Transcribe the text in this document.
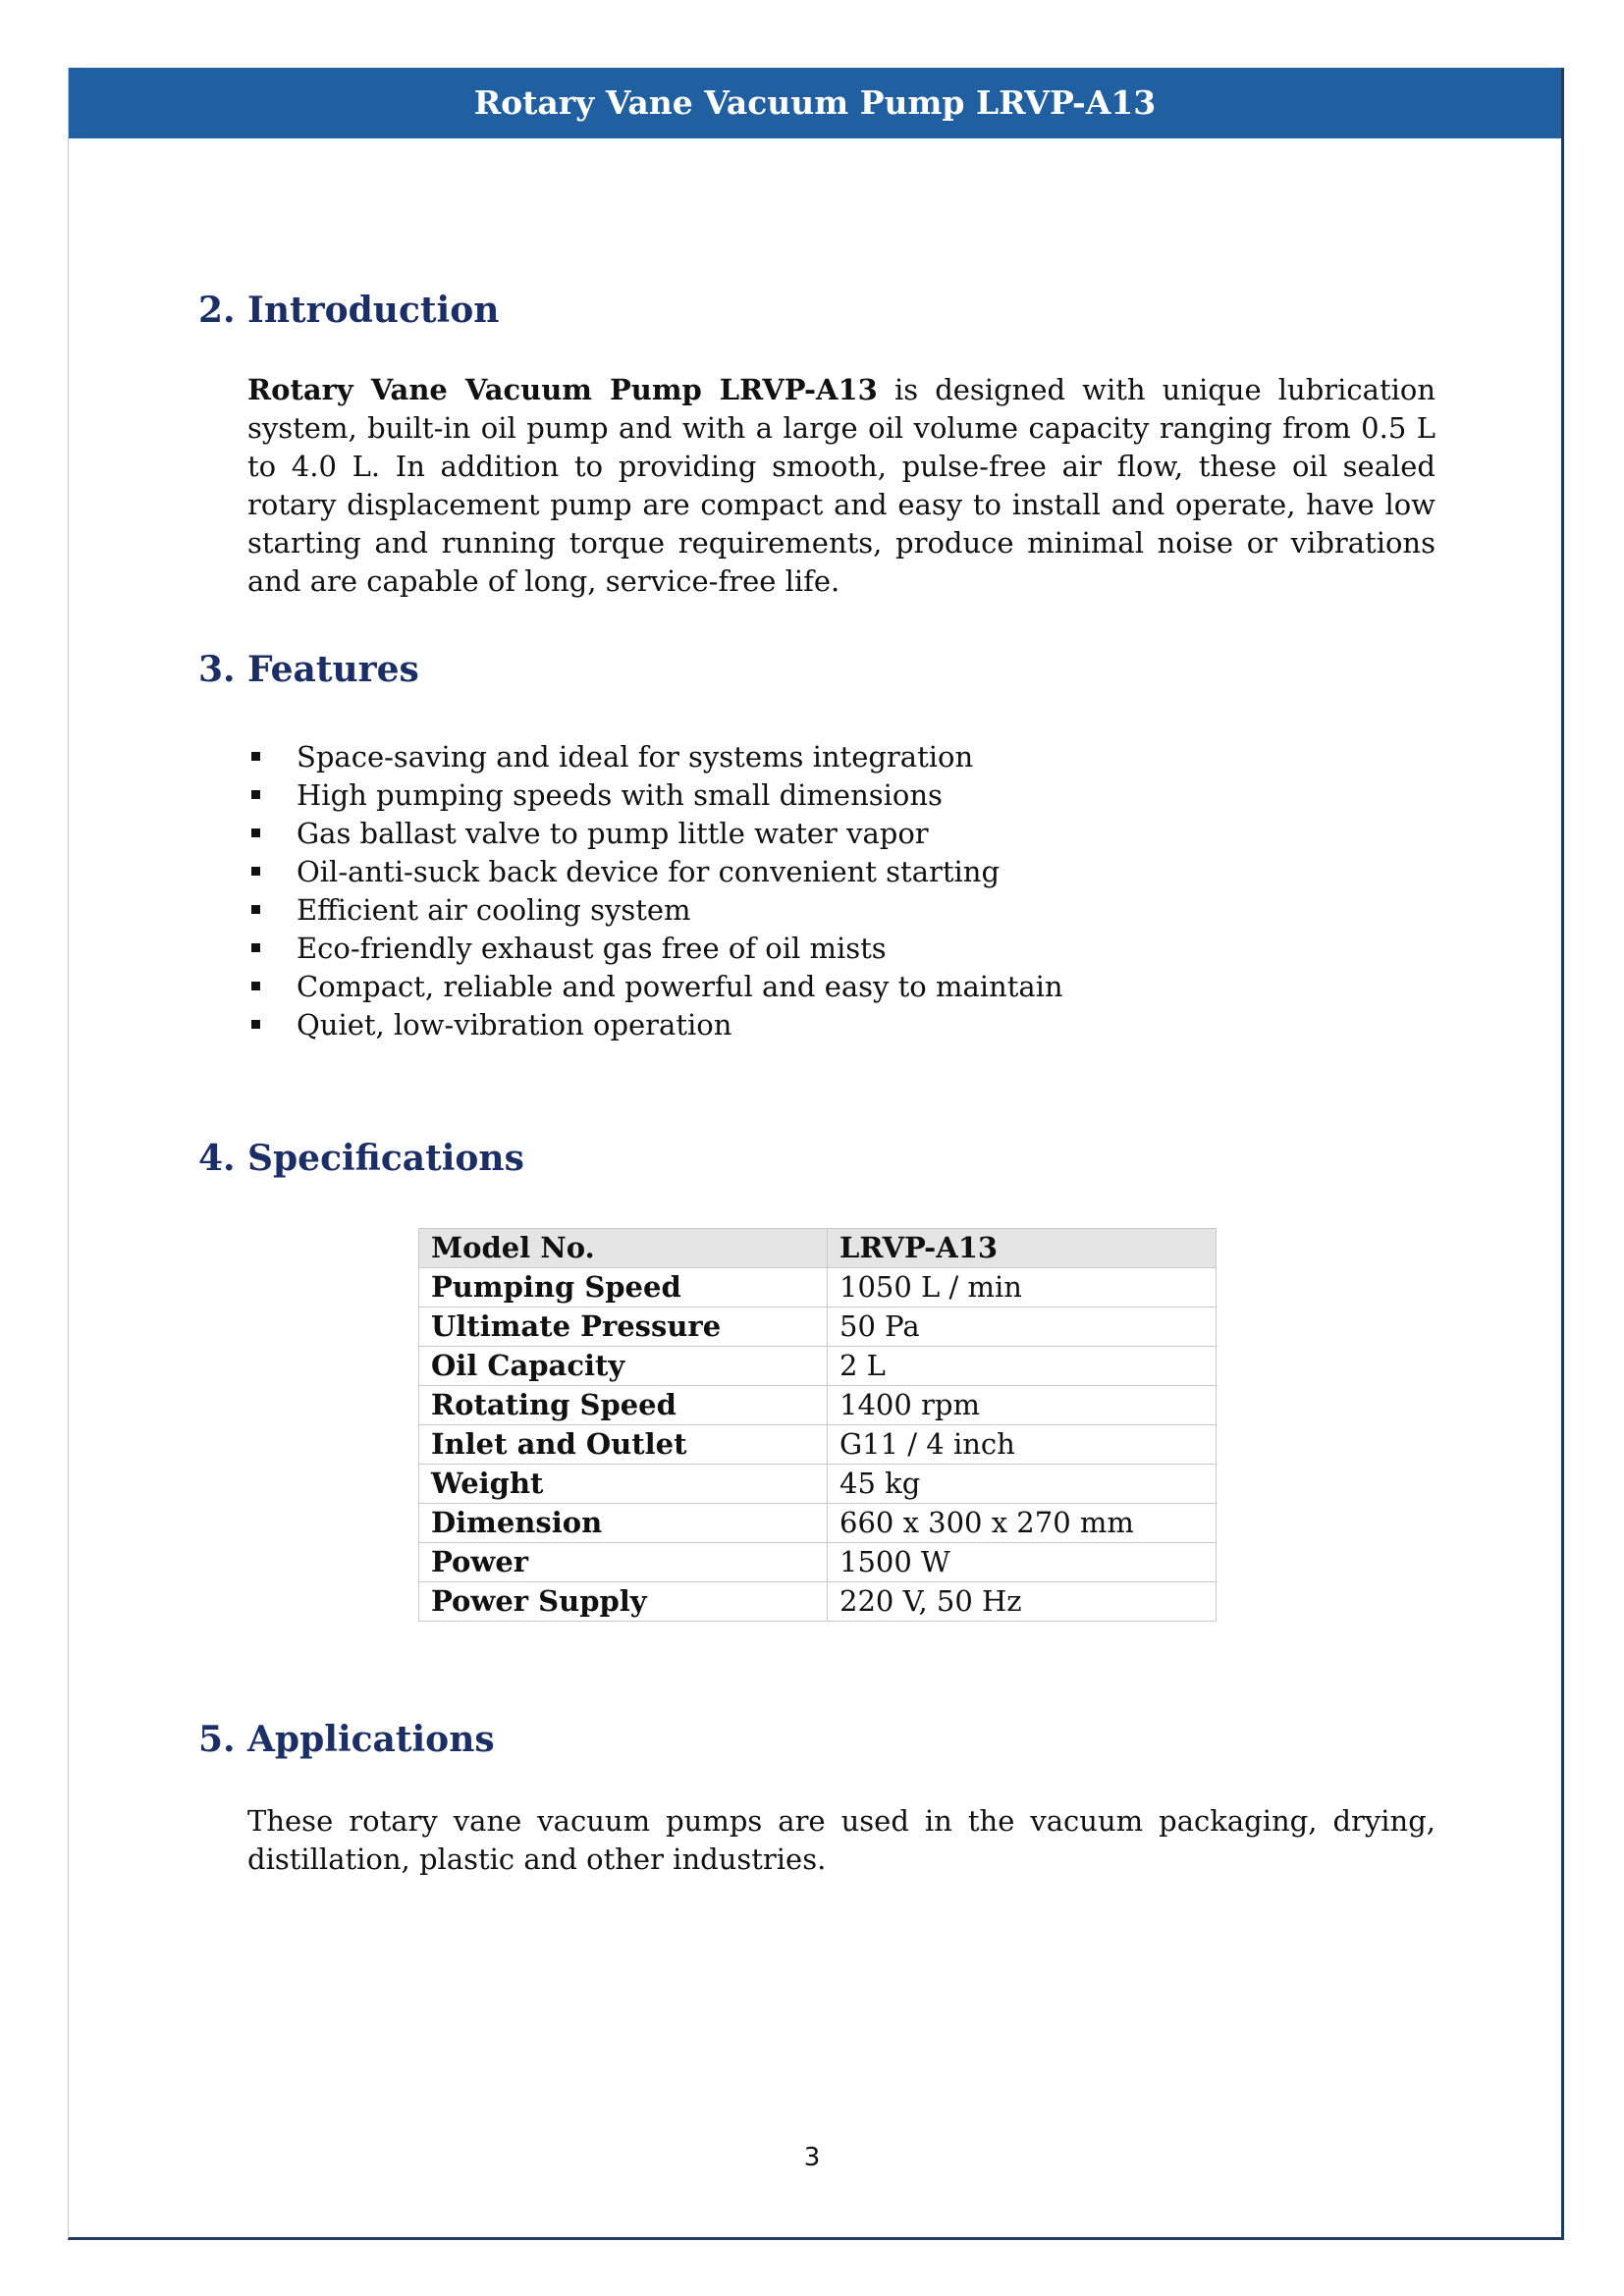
Rotary Vane Vacuum Pump LRVP-A13
2. Introduction

Rotary Vane Vacuum Pump LRVP-A13 is designed with unique lubrication system, built-in oil pump and with a large oil volume capacity ranging from 0.5 L to 4.0 L. In addition to providing smooth, pulse-free air flow, these oil sealed rotary displacement pump are compact and easy to install and operate, have low starting and running torque requirements, produce minimal noise or vibrations and are capable of long, service-free life.

3. Features
Space-saving and ideal for systems integration
High pumping speeds with small dimensions
Gas ballast valve to pump little water vapor
Oil-anti-suck back device for convenient starting
Efficient air cooling system
Eco-friendly exhaust gas free of oil mists
Compact, reliable and powerful and easy to maintain
Quiet, low-vibration operation
4. Specifications
Model No.	LRVP-A13
Pumping Speed	1050 L / min
Ultimate Pressure	50 Pa
Oil Capacity	2 L
Rotating Speed	1400 rpm
Inlet and Outlet	G11 / 4 inch
Weight	45 kg
Dimension	660 x 300 x 270 mm
Power	1500 W
Power Supply	220 V, 50 Hz
5. Applications

These rotary vane vacuum pumps are used in the vacuum packaging, drying, distillation, plastic and other industries.

3
